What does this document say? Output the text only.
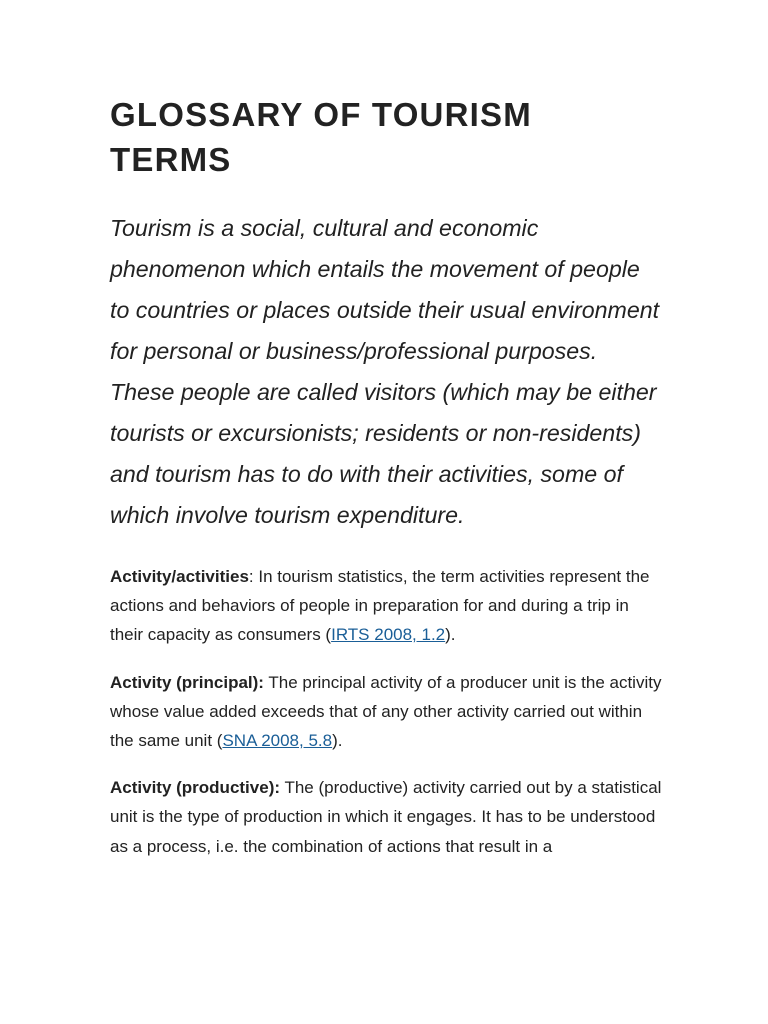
GLOSSARY OF TOURISM TERMS

Tourism is a social, cultural and economic phenomenon which entails the movement of people to countries or places outside their usual environment for personal or business/professional purposes. These people are called visitors (which may be either tourists or excursionists; residents or non-residents) and tourism has to do with their activities, some of which involve tourism expenditure.

Activity/activities: In tourism statistics, the term activities represent the actions and behaviors of people in preparation for and during a trip in their capacity as consumers (IRTS 2008, 1.2).

Activity (principal): The principal activity of a producer unit is the activity whose value added exceeds that of any other activity carried out within the same unit (SNA 2008, 5.8).

Activity (productive): The (productive) activity carried out by a statistical unit is the type of production in which it engages. It has to be understood as a process, i.e. the combination of actions that result in a
